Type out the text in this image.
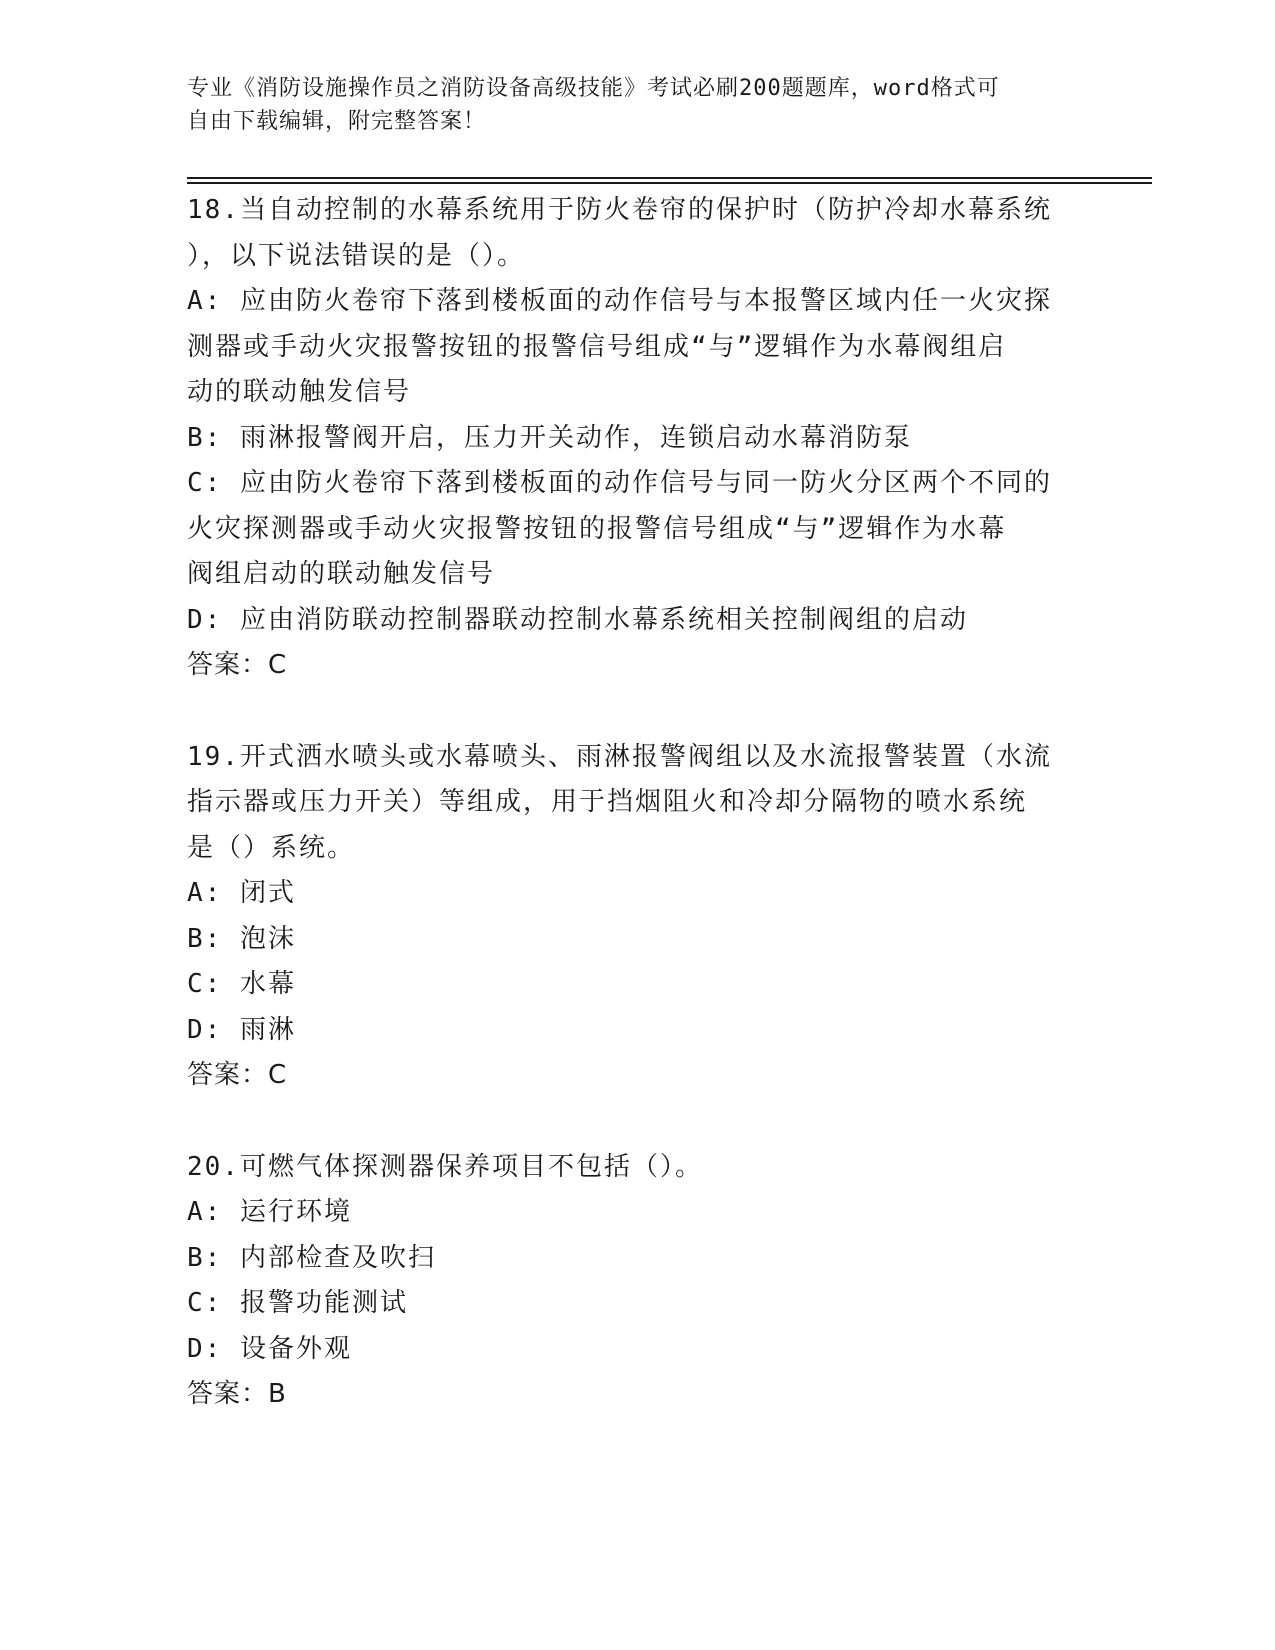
专业《消防设施操作员之消防设备高级技能》考试必刷200题题库，word格式可
自由下载编辑，附完整答案！

18.当自动控制的水幕系统用于防火卷帘的保护时（防护冷却水幕系统

），以下说法错误的是（）。

A: 应由防火卷帘下落到楼板面的动作信号与本报警区域内任一火灾探

测器或手动火灾报警按钮的报警信号组成“与”逻辑作为水幕阀组启

动的联动触发信号

B: 雨淋报警阀开启，压力开关动作，连锁启动水幕消防泵

C: 应由防火卷帘下落到楼板面的动作信号与同一防火分区两个不同的

火灾探测器或手动火灾报警按钮的报警信号组成“与”逻辑作为水幕

阀组启动的联动触发信号

D: 应由消防联动控制器联动控制水幕系统相关控制阀组的启动

答案：C

19.开式洒水喷头或水幕喷头、雨淋报警阀组以及水流报警装置（水流

指示器或压力开关）等组成，用于挡烟阻火和冷却分隔物的喷水系统

是（）系统。

A: 闭式

B: 泡沫

C: 水幕

D: 雨淋

答案：C

20.可燃气体探测器保养项目不包括（）。

A: 运行环境

B: 内部检查及吹扫

C: 报警功能测试

D: 设备外观

答案：B
